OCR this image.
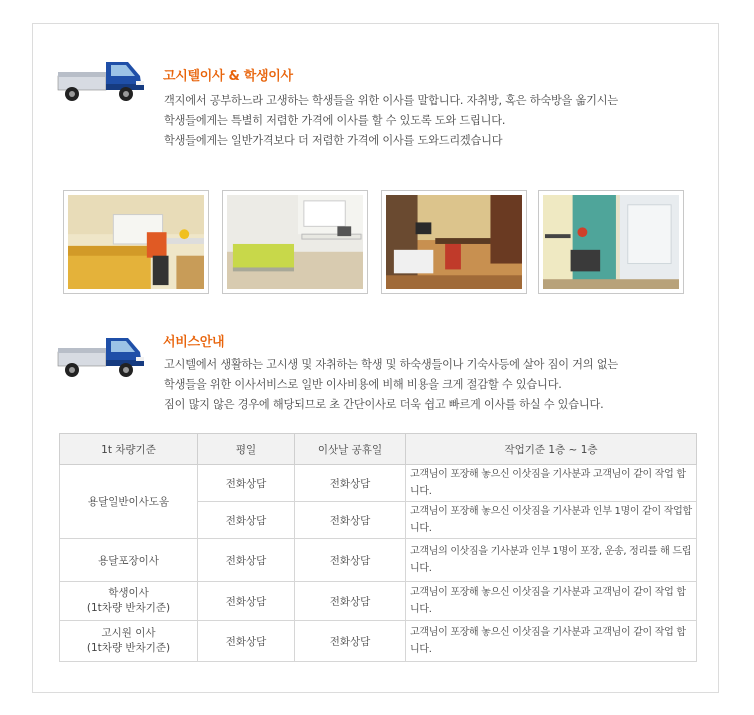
고시텔이사 & 학생이사
객지에서 공부하느라 고생하는 학생들을 위한 이사를 말합니다. 자취방, 혹은 하숙방을 옮기시는
학생들에게는 특별히 저렴한 가격에 이사를 할 수 있도록 도와 드립니다.
학생들에게는 일반가격보다 더 저렴한 가격에 이사를 도와드리겠습니다
서비스안내
고시텔에서 생활하는 고시생 및 자취하는 학생 및 하숙생들이나 기숙사등에 살아 짐이 거의 없는
학생들을 위한 이사서비스로 일반 이사비용에 비해 비용을 크게 절감할 수 있습니다.
짐이 많지 않은 경우에 해당되므로 초 간단이사로 더욱 쉽고 빠르게 이사를 하실 수 있습니다.
1t 차량기준	평일	이삿날 공휴일	작업기준 1층 ~ 1층
용달일반이사도움	전화상담	전화상담	고객님이 포장해 놓으신 이삿짐을 기사분과 고객님이 같이 작업 합니다.
	전화상담	전화상담	고객님이 포장해 놓으신 이삿짐을 기사분과 인부 1명이 같이 작업합니다.
용달포장이사	전화상담	전화상담	고객님의 이삿짐을 기사분과 인부 1명이 포장, 운송, 정리를 해 드립니다.

학생이사
(1t차량 반차기준)	전화상담	전화상담	고객님이 포장해 놓으신 이삿짐을 기사분과 고객님이 같이 작업 합니다.

고시원 이사
(1t차량 반차기준)	전화상담	전화상담	고객님이 포장해 놓으신 이삿짐을 기사분과 고객님이 같이 작업 합니다.
